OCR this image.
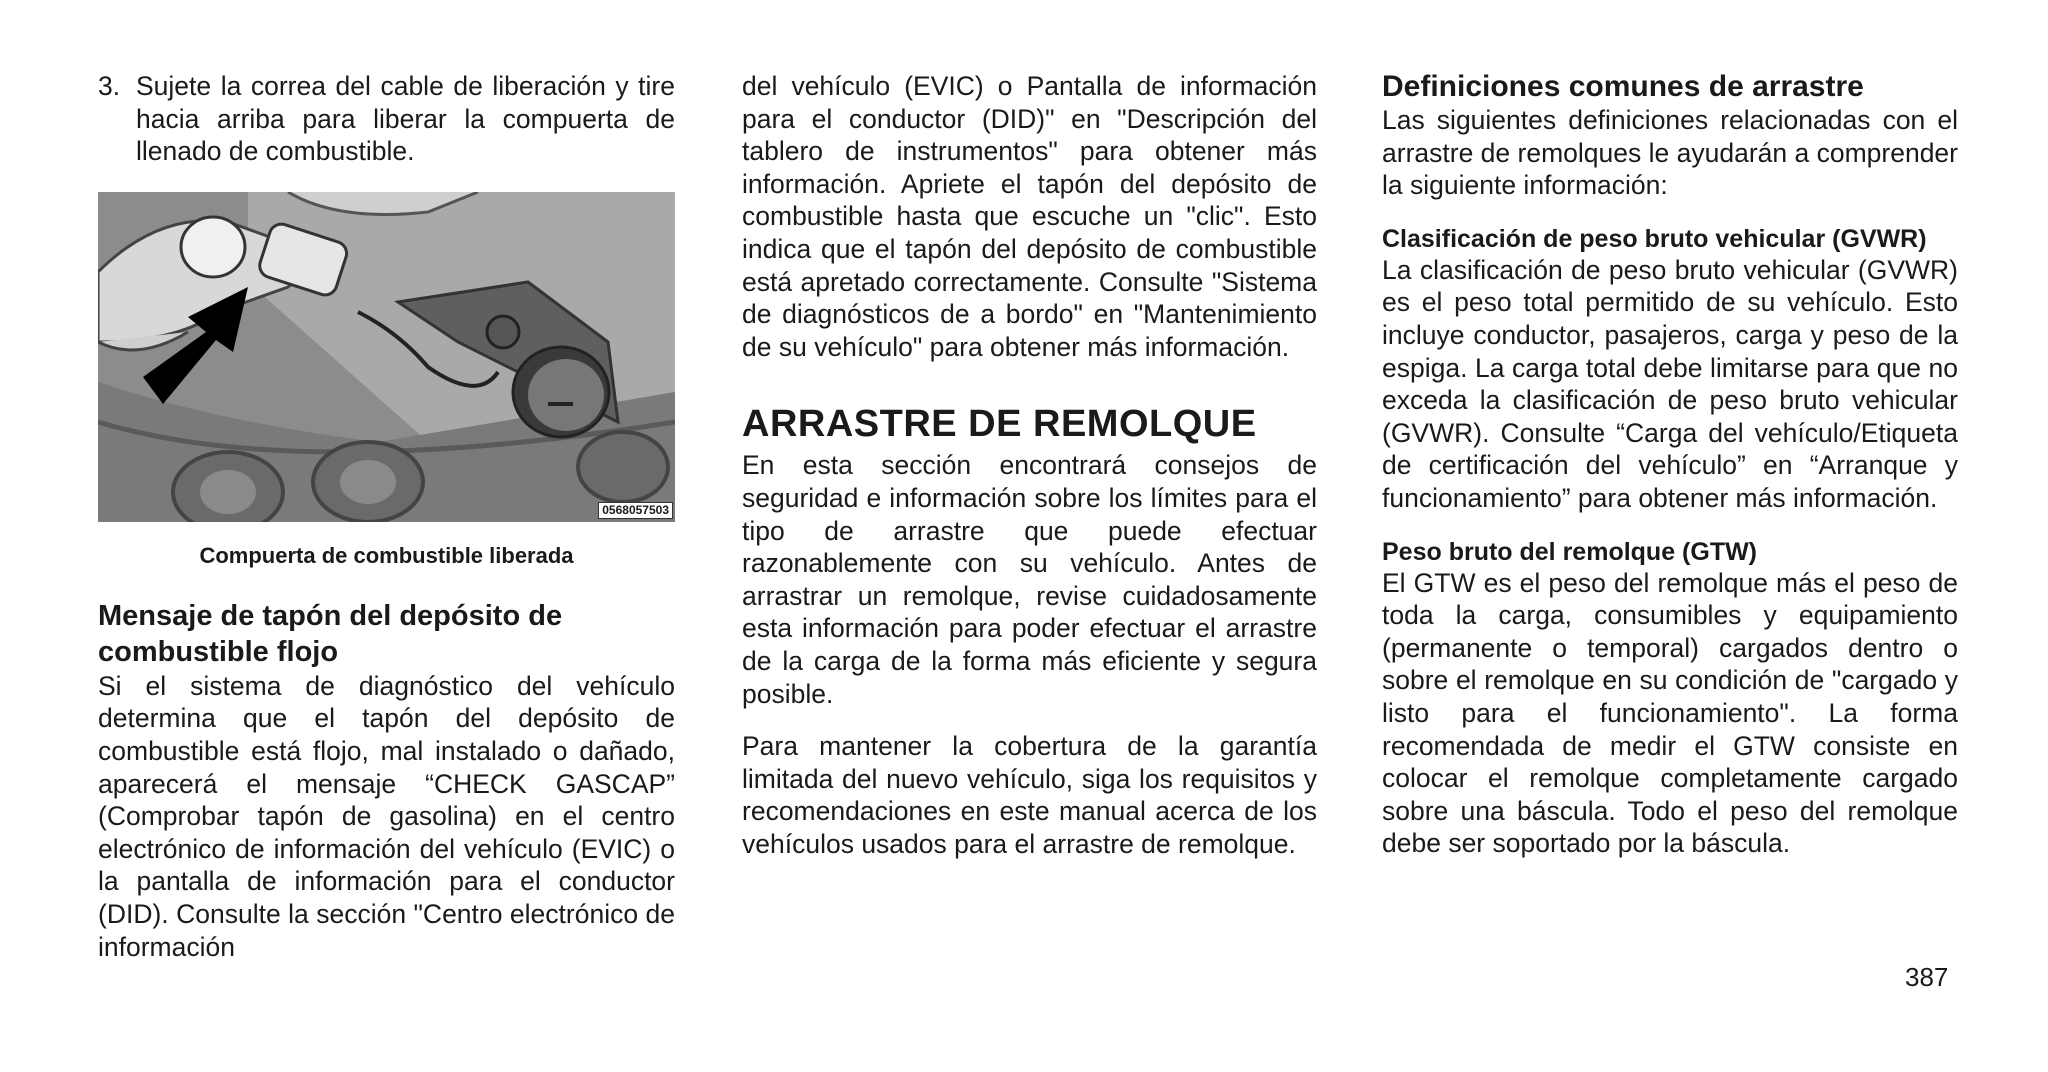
3. Sujete la correa del cable de liberación y tire hacia arriba para liberar la compuerta de llenado de combustible.

0568057503

Compuerta de combustible liberada

Mensaje de tapón del depósito de combustible flojo

Si el sistema de diagnóstico del vehículo determina que el tapón del depósito de combustible está flojo, mal instalado o dañado, aparecerá el mensaje “CHECK GASCAP” (Comprobar tapón de gasolina) en el centro electrónico de información del vehículo (EVIC) o la pantalla de información para el conductor (DID). Consulte la sección "Centro electrónico de información

del vehículo (EVIC) o Pantalla de información para el conductor (DID)" en "Descripción del tablero de instrumentos" para obtener más información. Apriete el tapón del depósito de combustible hasta que escuche un "clic". Esto indica que el tapón del depósito de combustible está apretado correctamente. Consulte "Sistema de diagnósticos de a bordo" en "Mantenimiento de su vehículo" para obtener más información.

ARRASTRE DE REMOLQUE

En esta sección encontrará consejos de seguridad e información sobre los límites para el tipo de arrastre que puede efectuar razonablemente con su vehículo. Antes de arrastrar un remolque, revise cuidadosamente esta información para poder efectuar el arrastre de la carga de la forma más eficiente y segura posible.

Para mantener la cobertura de la garantía limitada del nuevo vehículo, siga los requisitos y recomendaciones en este manual acerca de los vehículos usados para el arrastre de remolque.

Definiciones comunes de arrastre

Las siguientes definiciones relacionadas con el arrastre de remolques le ayudarán a comprender la siguiente información:

Clasificación de peso bruto vehicular (GVWR)

La clasificación de peso bruto vehicular (GVWR) es el peso total permitido de su vehículo. Esto incluye conductor, pasajeros, carga y peso de la espiga. La carga total debe limitarse para que no exceda la clasificación de peso bruto vehicular (GVWR). Consulte “Carga del vehículo/Etiqueta de certificación del vehículo” en “Arranque y funcionamiento” para obtener más información.

Peso bruto del remolque (GTW)

El GTW es el peso del remolque más el peso de toda la carga, consumibles y equipamiento (permanente o temporal) cargados dentro o sobre el remolque en su condición de "cargado y listo para el funcionamiento". La forma recomendada de medir el GTW consiste en colocar el remolque completamente cargado sobre una báscula. Todo el peso del remolque debe ser soportado por la báscula.

387
